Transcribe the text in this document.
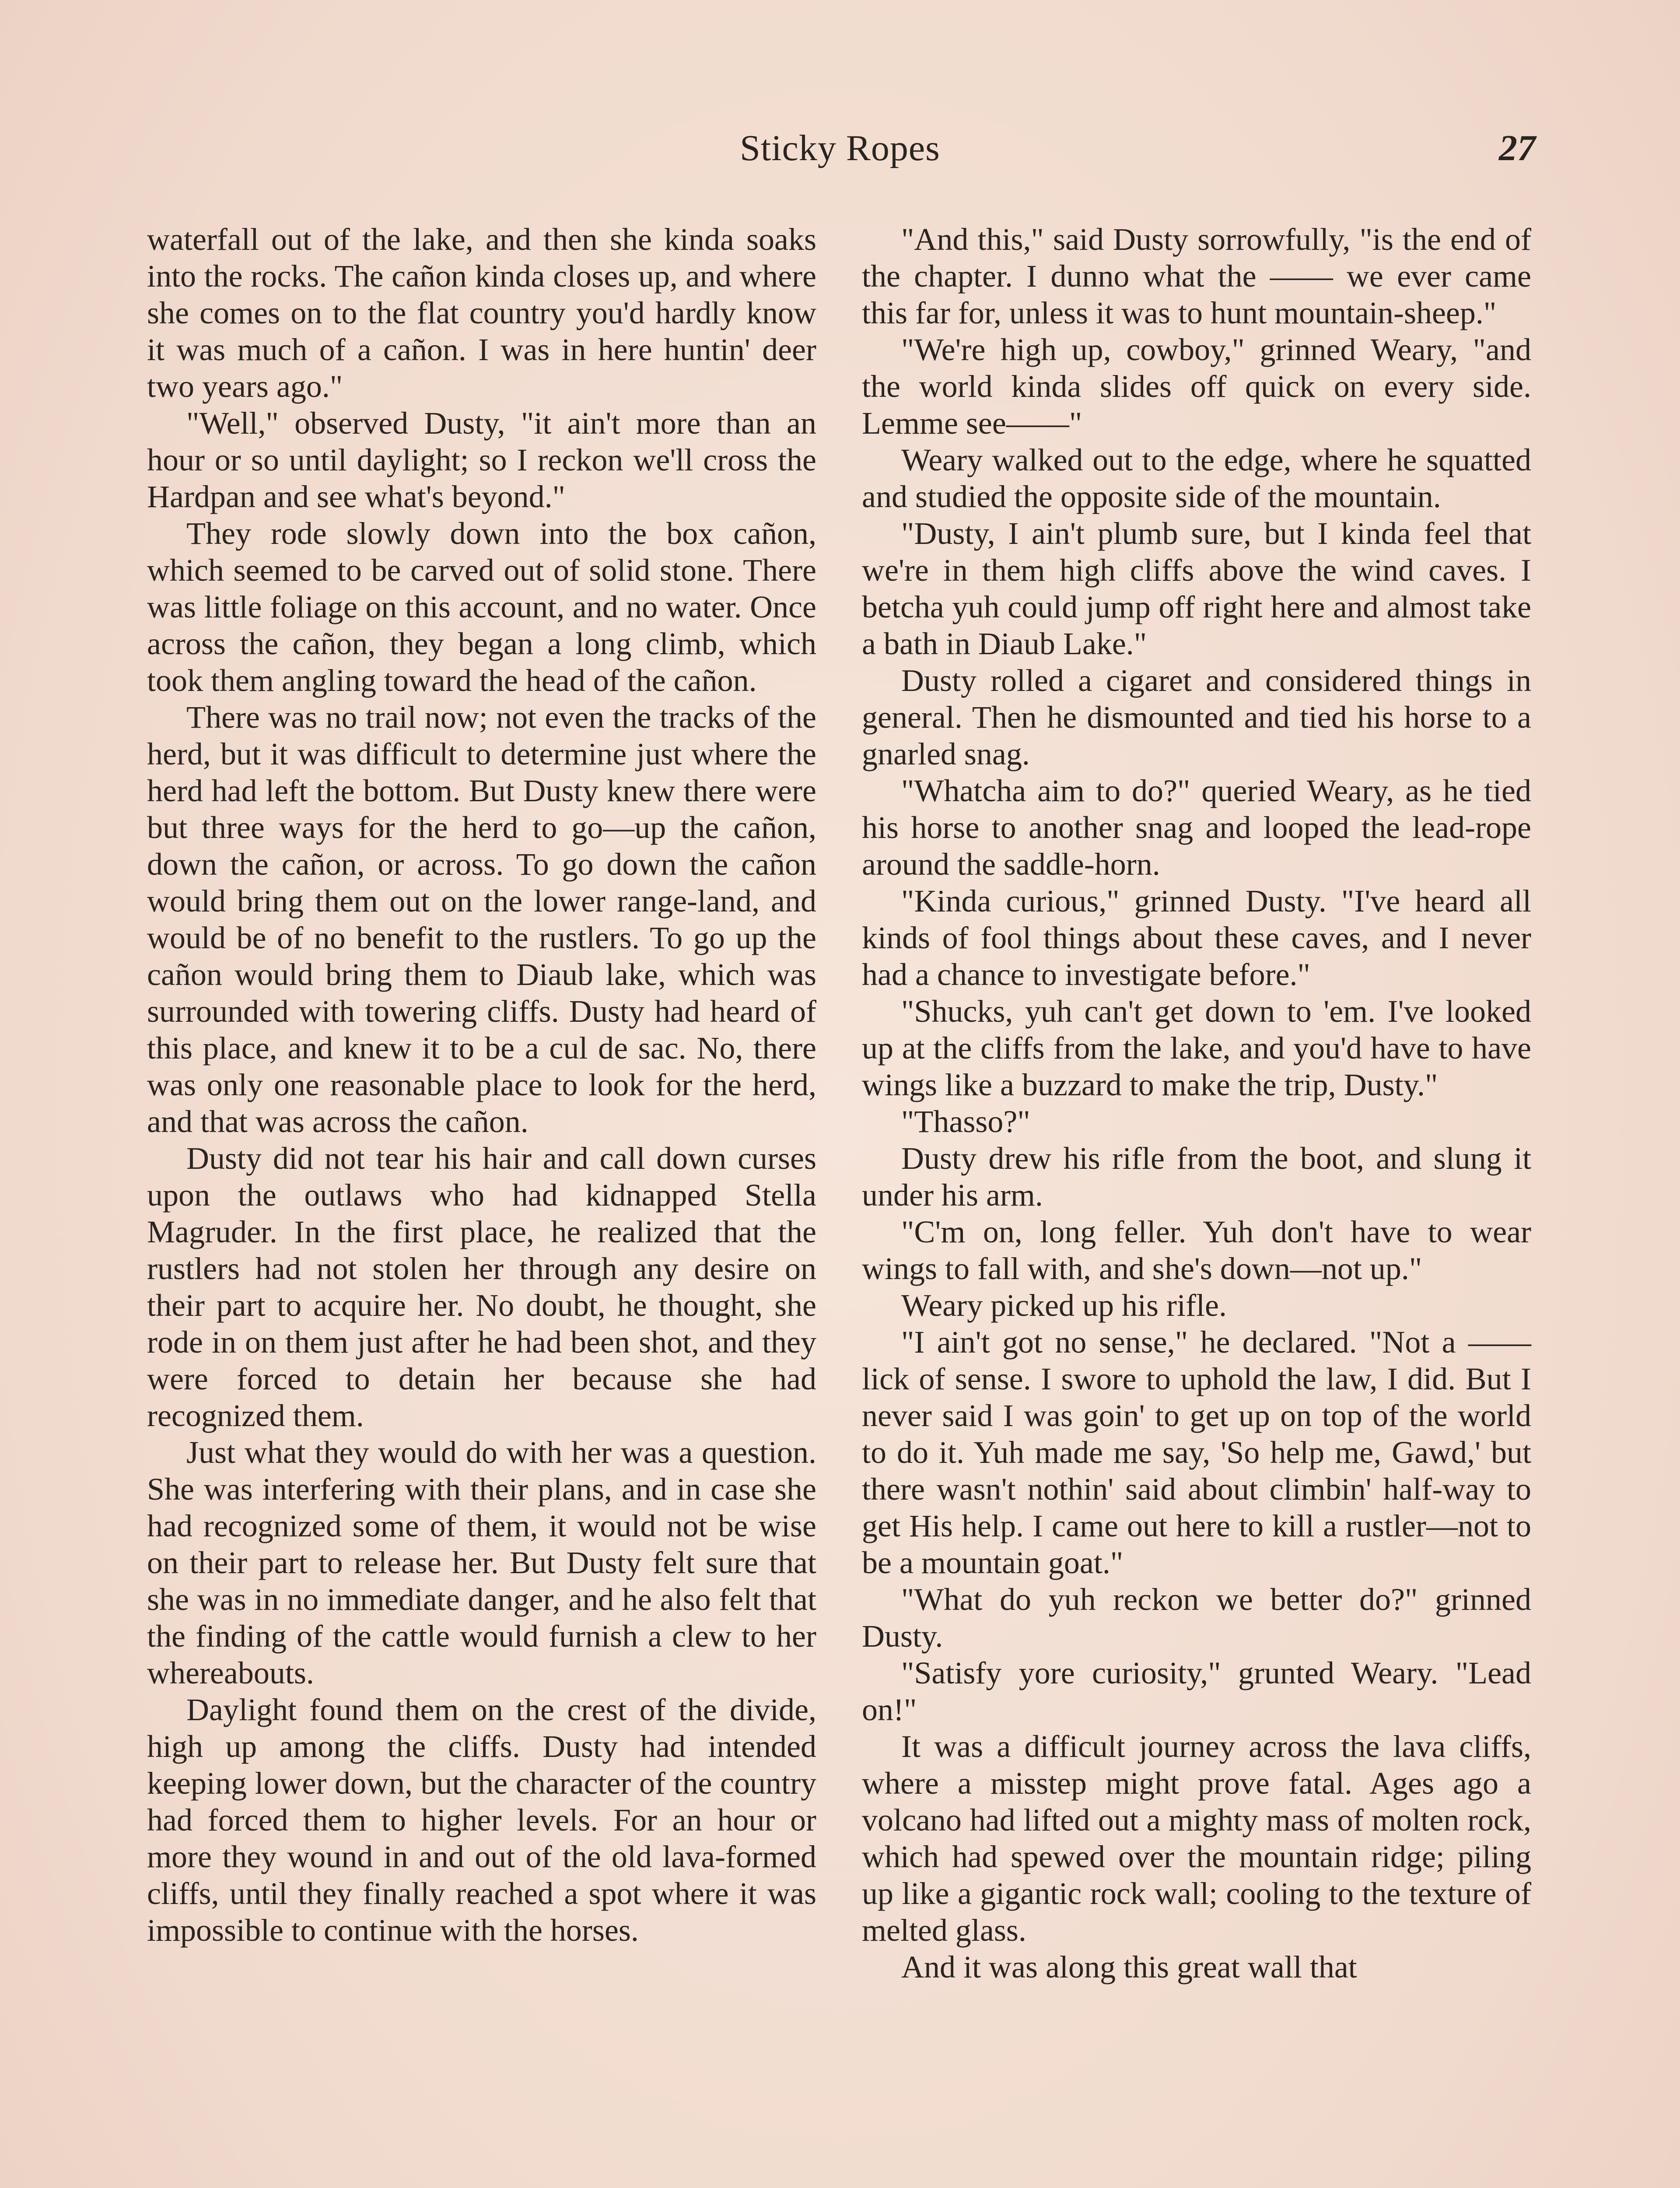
Sticky Ropes	27

waterfall out of the lake, and then she kinda soaks into the rocks. The cañon kinda closes up, and where she comes on to the flat country you'd hardly know it was much of a cañon. I was in here huntin' deer two years ago."

"Well," observed Dusty, "it ain't more than an hour or so until daylight; so I reckon we'll cross the Hardpan and see what's beyond."

They rode slowly down into the box cañon, which seemed to be carved out of solid stone. There was little foliage on this account, and no water. Once across the cañon, they began a long climb, which took them angling toward the head of the cañon.

There was no trail now; not even the tracks of the herd, but it was difficult to determine just where the herd had left the bottom. But Dusty knew there were but three ways for the herd to go—up the cañon, down the cañon, or across. To go down the cañon would bring them out on the lower range-land, and would be of no benefit to the rustlers. To go up the cañon would bring them to Diaub lake, which was surrounded with towering cliffs. Dusty had heard of this place, and knew it to be a cul de sac. No, there was only one reasonable place to look for the herd, and that was across the cañon.

Dusty did not tear his hair and call down curses upon the outlaws who had kidnapped Stella Magruder. In the first place, he realized that the rustlers had not stolen her through any desire on their part to acquire her. No doubt, he thought, she rode in on them just after he had been shot, and they were forced to detain her because she had recognized them.

Just what they would do with her was a question. She was interfering with their plans, and in case she had recognized some of them, it would not be wise on their part to release her. But Dusty felt sure that she was in no immediate danger, and he also felt that the finding of the cattle would furnish a clew to her whereabouts.

Daylight found them on the crest of the divide, high up among the cliffs. Dusty had intended keeping lower down, but the character of the country had forced them to higher levels. For an hour or more they wound in and out of the old lava-formed cliffs, until they finally reached a spot where it was impossible to continue with the horses.

"And this," said Dusty sorrowfully, "is the end of the chapter. I dunno what the —— we ever came this far for, unless it was to hunt mountain-sheep."

"We're high up, cowboy," grinned Weary, "and the world kinda slides off quick on every side. Lemme see——"

Weary walked out to the edge, where he squatted and studied the opposite side of the mountain.

"Dusty, I ain't plumb sure, but I kinda feel that we're in them high cliffs above the wind caves. I betcha yuh could jump off right here and almost take a bath in Diaub Lake."

Dusty rolled a cigaret and considered things in general. Then he dismounted and tied his horse to a gnarled snag.

"Whatcha aim to do?" queried Weary, as he tied his horse to another snag and looped the lead-rope around the saddle-horn.

"Kinda curious," grinned Dusty. "I've heard all kinds of fool things about these caves, and I never had a chance to investigate before."

"Shucks, yuh can't get down to 'em. I've looked up at the cliffs from the lake, and you'd have to have wings like a buzzard to make the trip, Dusty."

"Thasso?"

Dusty drew his rifle from the boot, and slung it under his arm.

"C'm on, long feller. Yuh don't have to wear wings to fall with, and she's down—not up."

Weary picked up his rifle.

"I ain't got no sense," he declared. "Not a —— lick of sense. I swore to uphold the law, I did. But I never said I was goin' to get up on top of the world to do it. Yuh made me say, 'So help me, Gawd,' but there wasn't nothin' said about climbin' half-way to get His help. I came out here to kill a rustler—not to be a mountain goat."

"What do yuh reckon we better do?" grinned Dusty.

"Satisfy yore curiosity," grunted Weary. "Lead on!"

It was a difficult journey across the lava cliffs, where a misstep might prove fatal. Ages ago a volcano had lifted out a mighty mass of molten rock, which had spewed over the mountain ridge; piling up like a gigantic rock wall; cooling to the texture of melted glass.

And it was along this great wall that
